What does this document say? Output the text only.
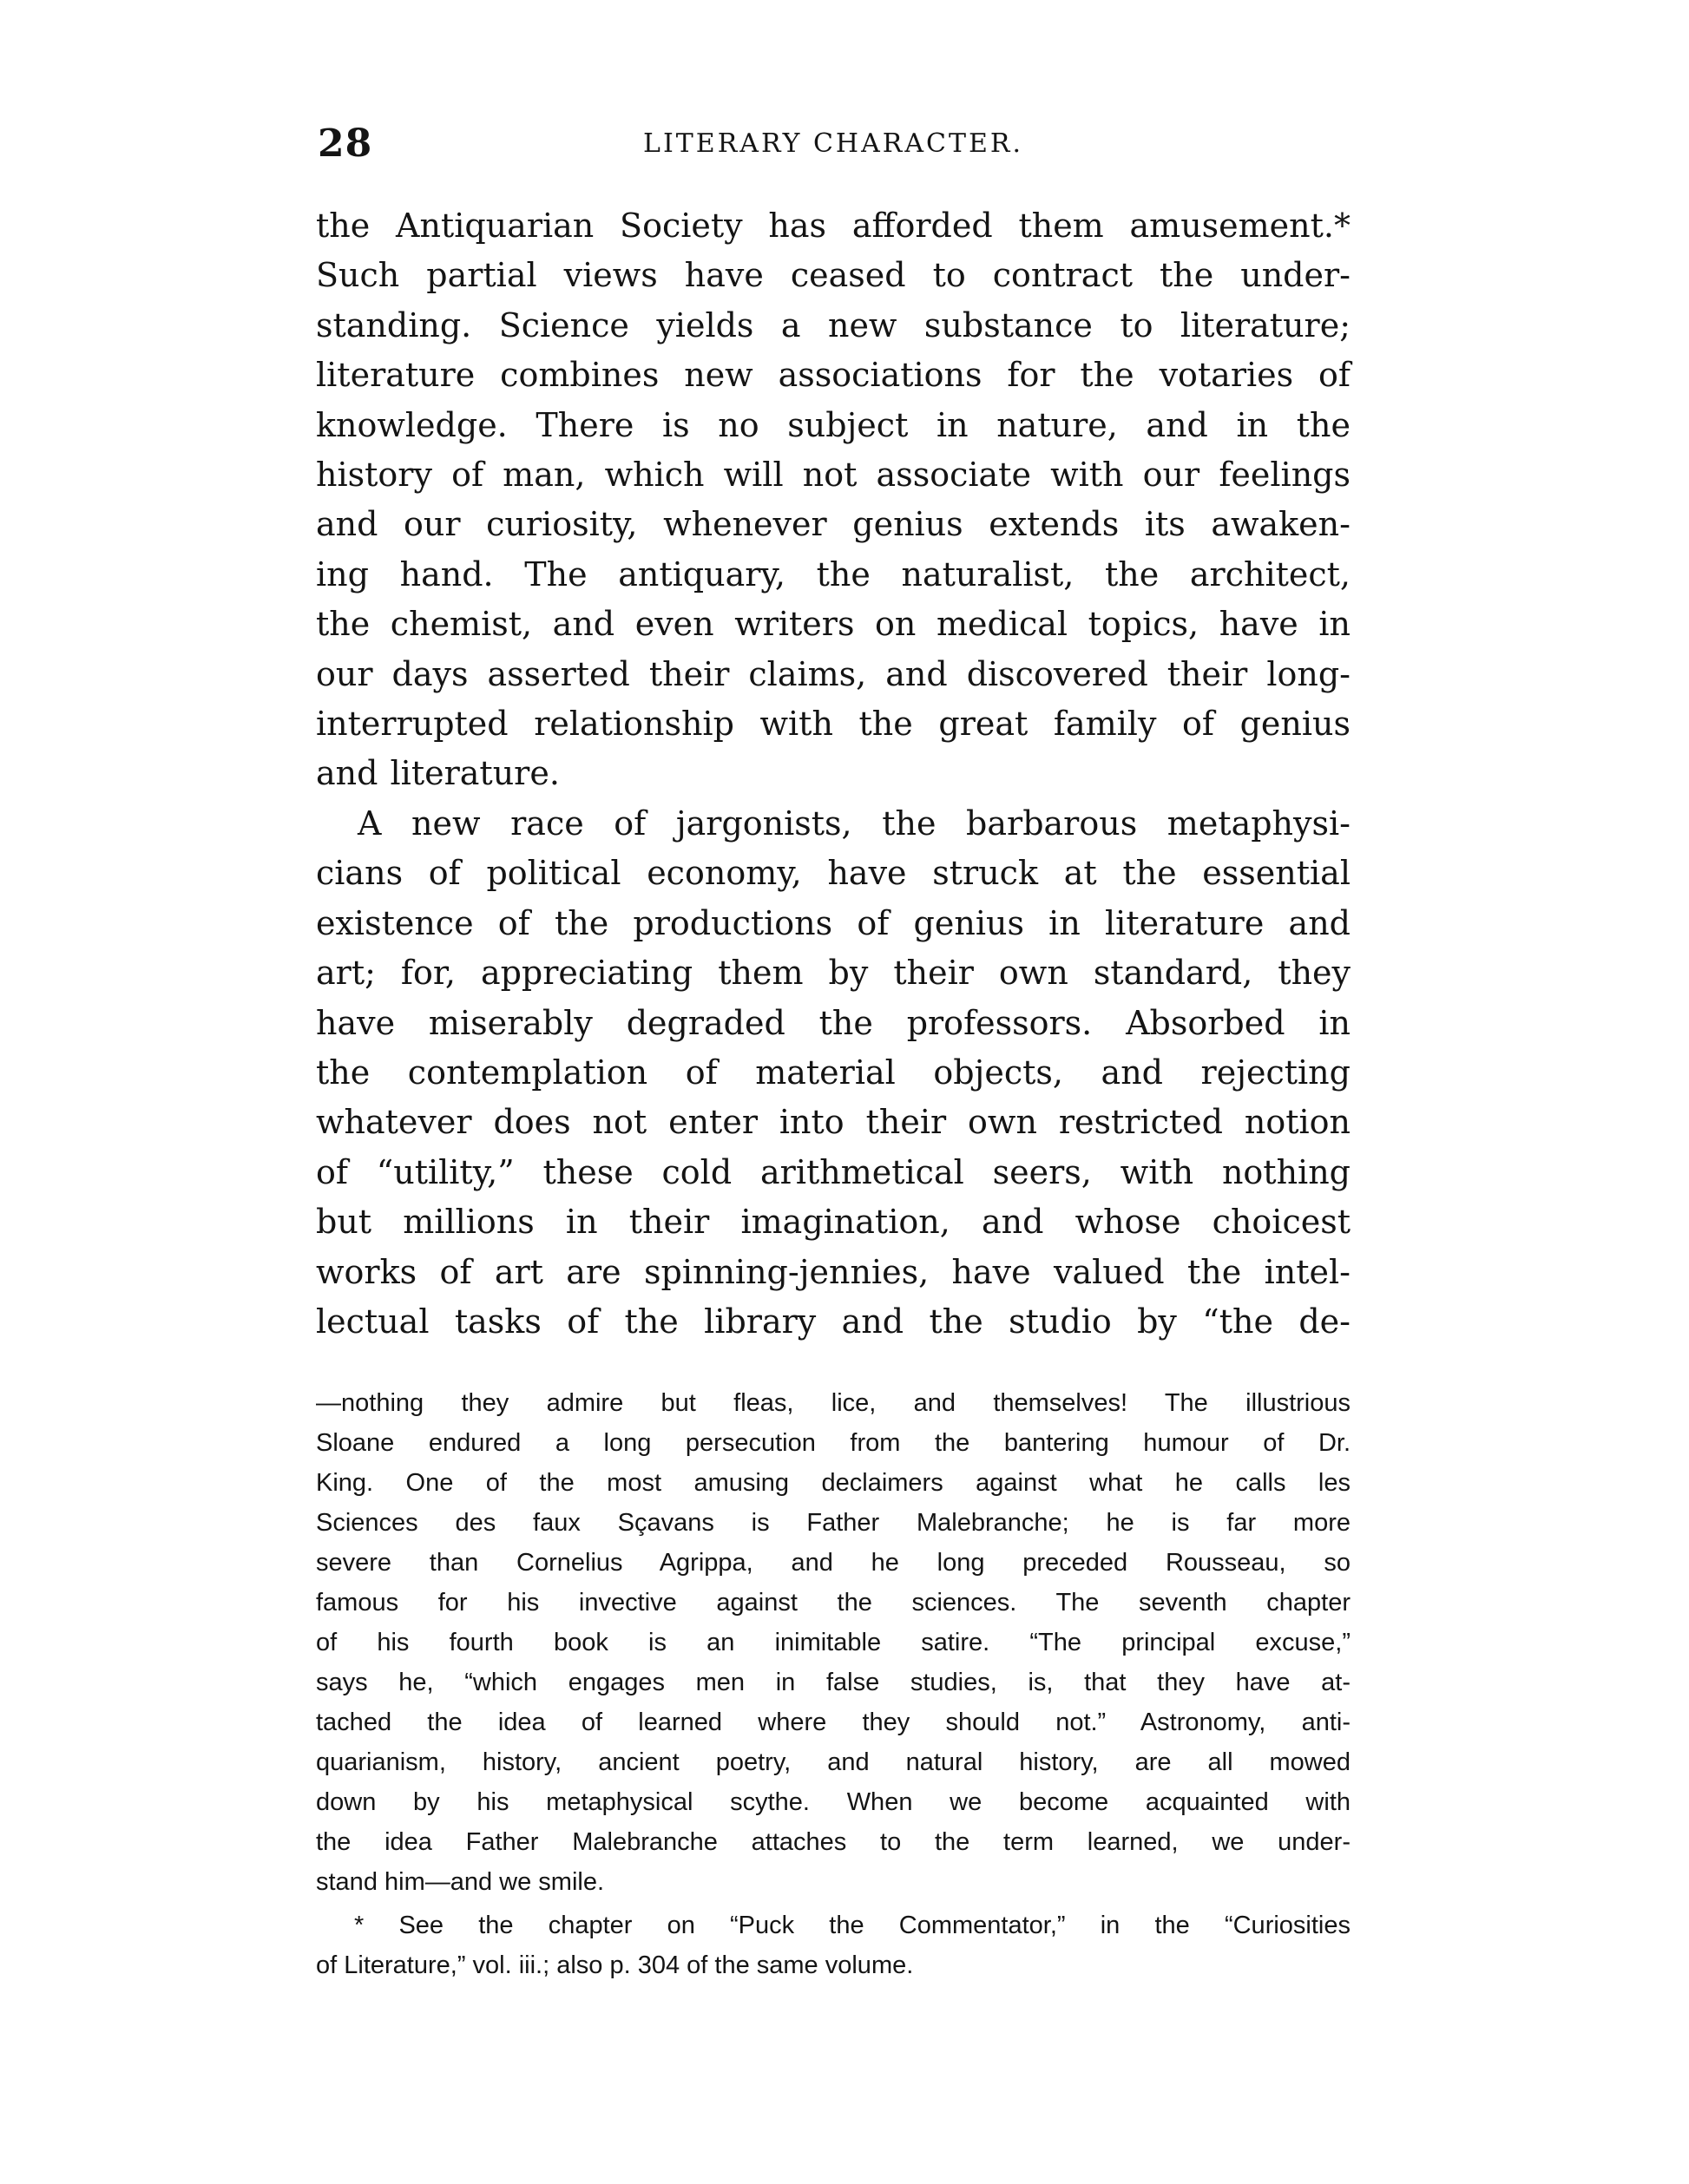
28	LITERARY CHARACTER.
the Antiquarian Society has afforded them amusement.*
Such partial views have ceased to contract the under-
standing. Science yields a new substance to literature;
literature combines new associations for the votaries of
knowledge. There is no subject in nature, and in the
history of man, which will not associate with our feelings
and our curiosity, whenever genius extends its awaken-
ing hand. The antiquary, the naturalist, the architect,
the chemist, and even writers on medical topics, have in
our days asserted their claims, and discovered their long-
interrupted relationship with the great family of genius
and literature.
A new race of jargonists, the barbarous metaphysi-
cians of political economy, have struck at the essential
existence of the productions of genius in literature and
art; for, appreciating them by their own standard, they
have miserably degraded the professors. Absorbed in
the contemplation of material objects, and rejecting
whatever does not enter into their own restricted notion
of “utility,” these cold arithmetical seers, with nothing
but millions in their imagination, and whose choicest
works of art are spinning-jennies, have valued the intel-
lectual tasks of the library and the studio by “the de-
—nothing they admire but fleas, lice, and themselves! The illustrious
Sloane endured a long persecution from the bantering humour of Dr.
King. One of the most amusing declaimers against what he calls les
Sciences des faux Sçavans is Father Malebranche; he is far more
severe than Cornelius Agrippa, and he long preceded Rousseau, so
famous for his invective against the sciences. The seventh chapter
of his fourth book is an inimitable satire. “The principal excuse,”
says he, “which engages men in false studies, is, that they have at-
tached the idea of learned where they should not.” Astronomy, anti-
quarianism, history, ancient poetry, and natural history, are all mowed
down by his metaphysical scythe. When we become acquainted with
the idea Father Malebranche attaches to the term learned, we under-
stand him—and we smile.
* See the chapter on “Puck the Commentator,” in the “Curiosities
of Literature,” vol. iii.; also p. 304 of the same volume.
